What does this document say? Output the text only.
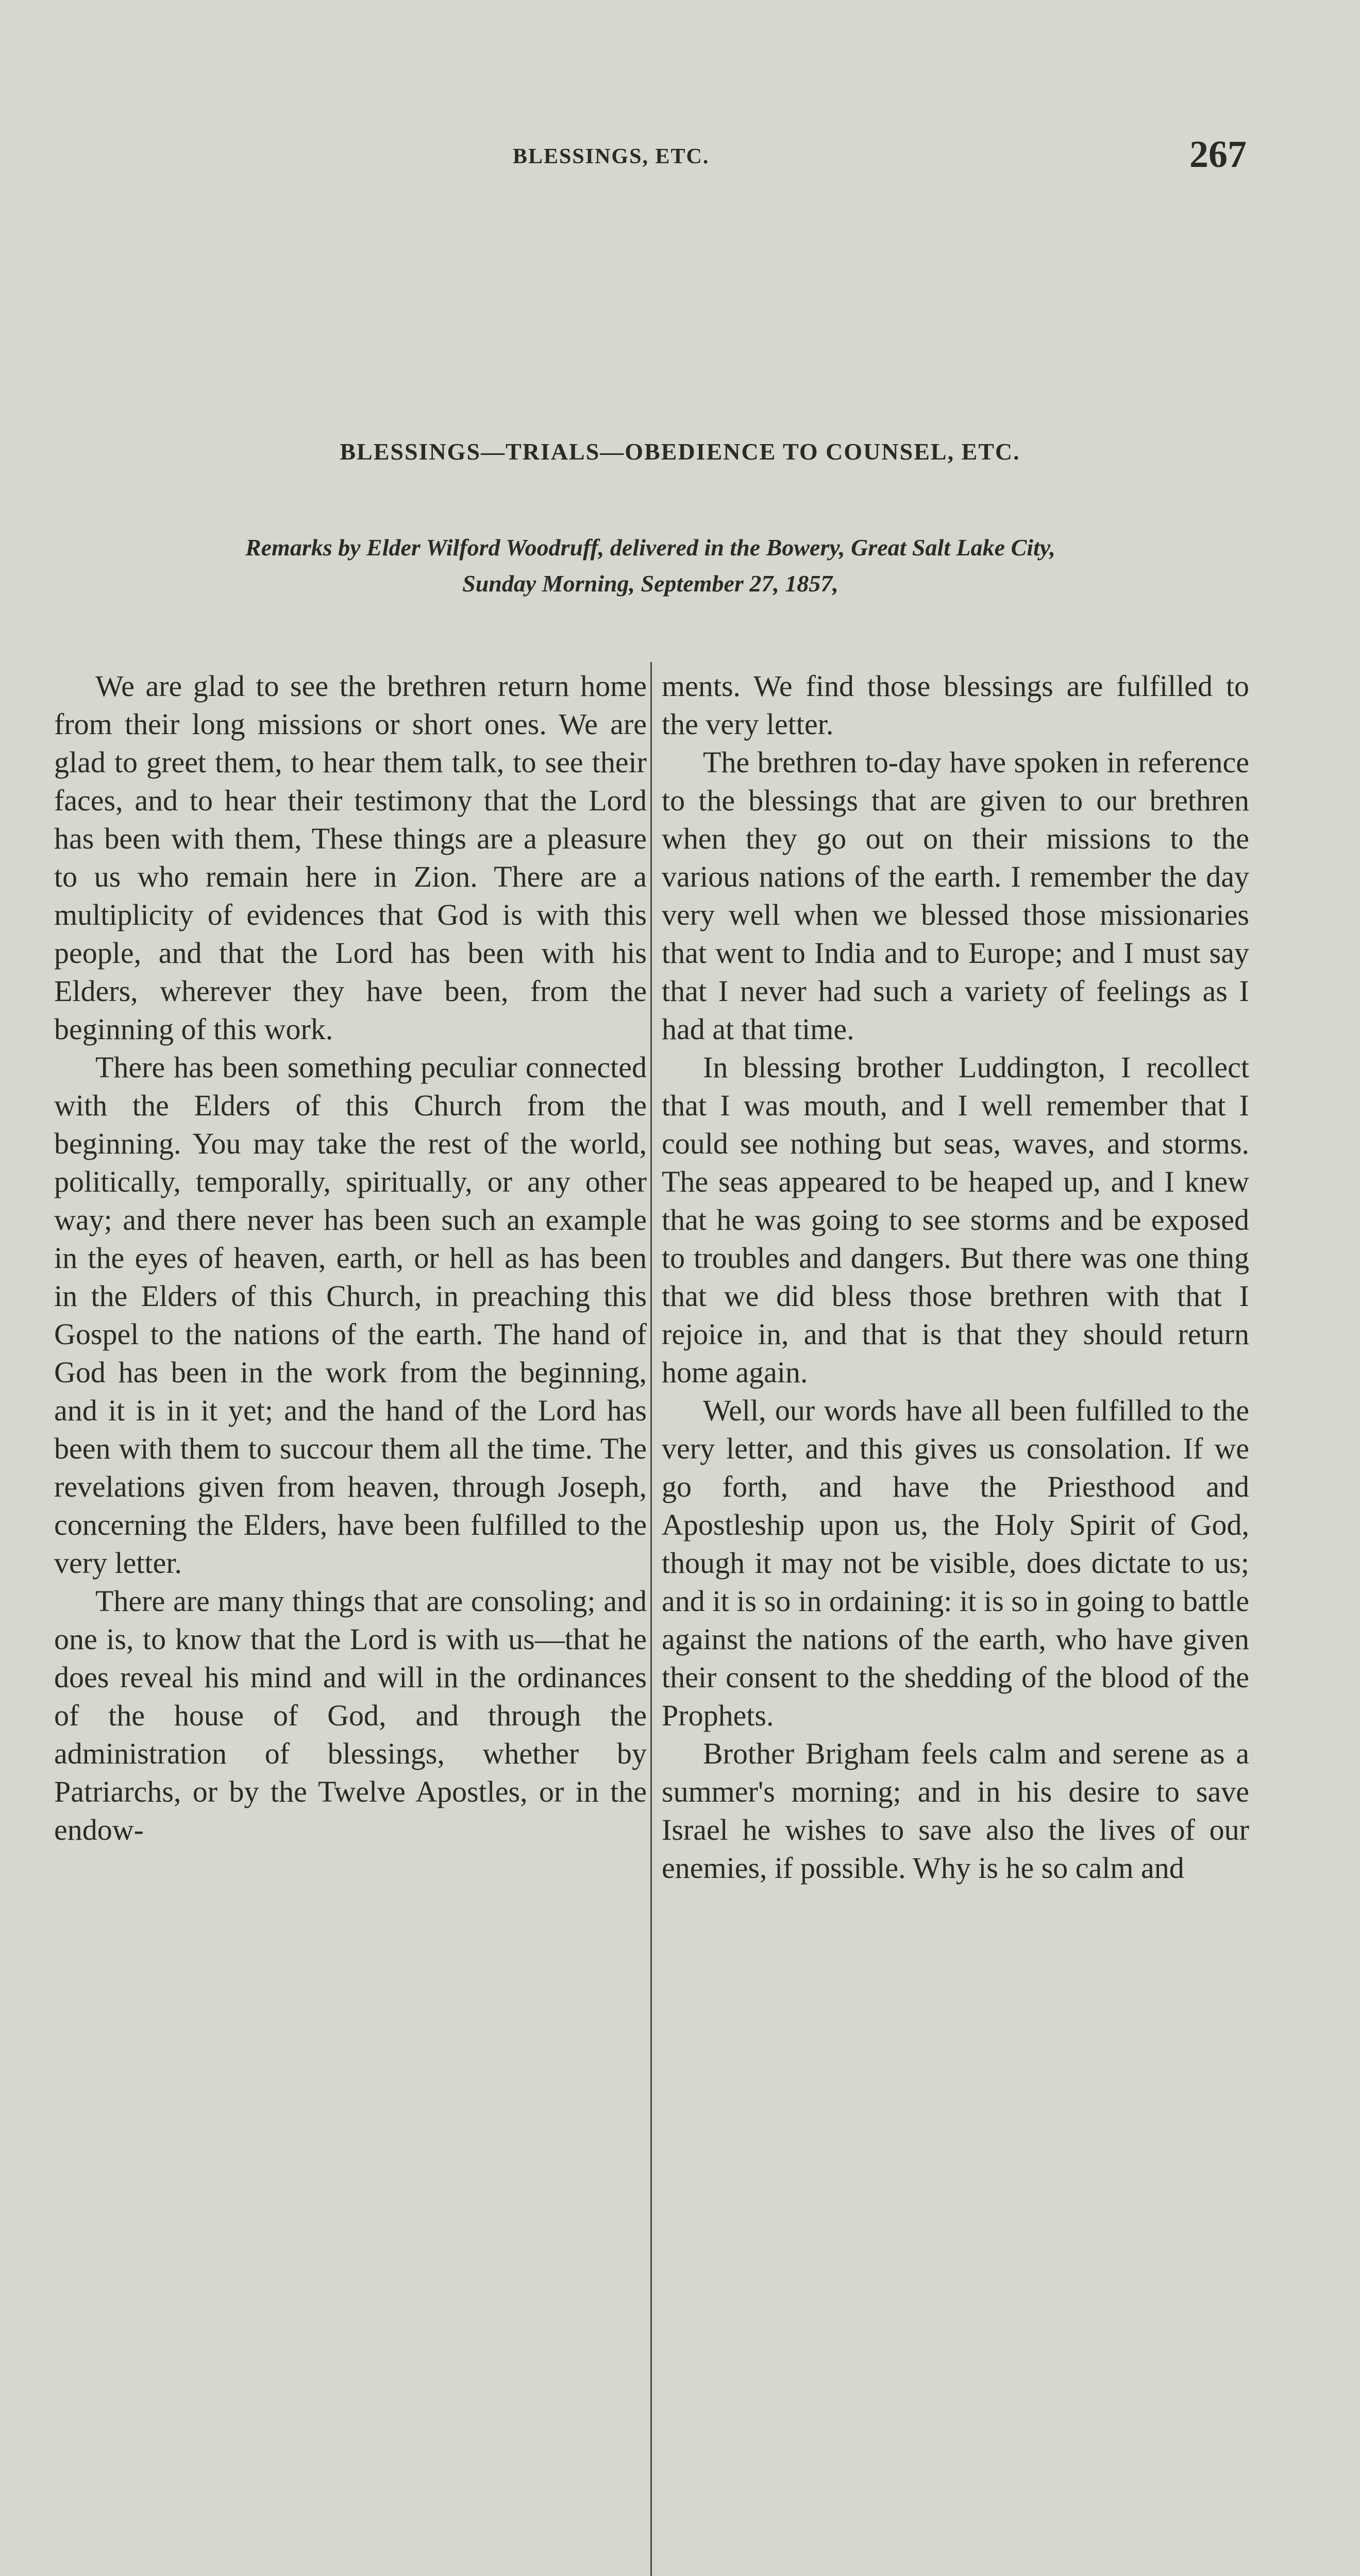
BLESSINGS, ETC.	267
BLESSINGS—TRIALS—OBEDIENCE TO COUNSEL, ETC.
Remarks by Elder Wilford Woodruff, delivered in the Bowery, Great Salt Lake City,
Sunday Morning, September 27, 1857,

We are glad to see the brethren return home from their long missions or short ones. We are glad to greet them, to hear them talk, to see their faces, and to hear their testimony that the Lord has been with them, These things are a pleasure to us who remain here in Zion. There are a multiplicity of evidences that God is with this people, and that the Lord has been with his Elders, wherever they have been, from the beginning of this work.

There has been something peculiar connected with the Elders of this Church from the beginning. You may take the rest of the world, politically, temporally, spiritually, or any other way; and there never has been such an example in the eyes of heaven, earth, or hell as has been in the Elders of this Church, in preaching this Gospel to the nations of the earth. The hand of God has been in the work from the beginning, and it is in it yet; and the hand of the Lord has been with them to succour them all the time. The revelations given from heaven, through Joseph, concerning the Elders, have been fulfilled to the very letter.

There are many things that are consoling; and one is, to know that the Lord is with us—that he does reveal his mind and will in the ordinances of the house of God, and through the administration of blessings, whether by Patriarchs, or by the Twelve Apostles, or in the endow-

ments. We find those blessings are fulfilled to the very letter.

The brethren to-day have spoken in reference to the blessings that are given to our brethren when they go out on their missions to the various nations of the earth. I remember the day very well when we blessed those missionaries that went to India and to Europe; and I must say that I never had such a variety of feelings as I had at that time.

In blessing brother Luddington, I recollect that I was mouth, and I well remember that I could see nothing but seas, waves, and storms. The seas appeared to be heaped up, and I knew that he was going to see storms and be exposed to troubles and dangers. But there was one thing that we did bless those brethren with that I rejoice in, and that is that they should return home again.

Well, our words have all been fulfilled to the very letter, and this gives us consolation. If we go forth, and have the Priesthood and Apostleship upon us, the Holy Spirit of God, though it may not be visible, does dictate to us; and it is so in ordaining: it is so in going to battle against the nations of the earth, who have given their consent to the shedding of the blood of the Prophets.

Brother Brigham feels calm and serene as a summer's morning; and in his desire to save Israel he wishes to save also the lives of our enemies, if possible. Why is he so calm and
